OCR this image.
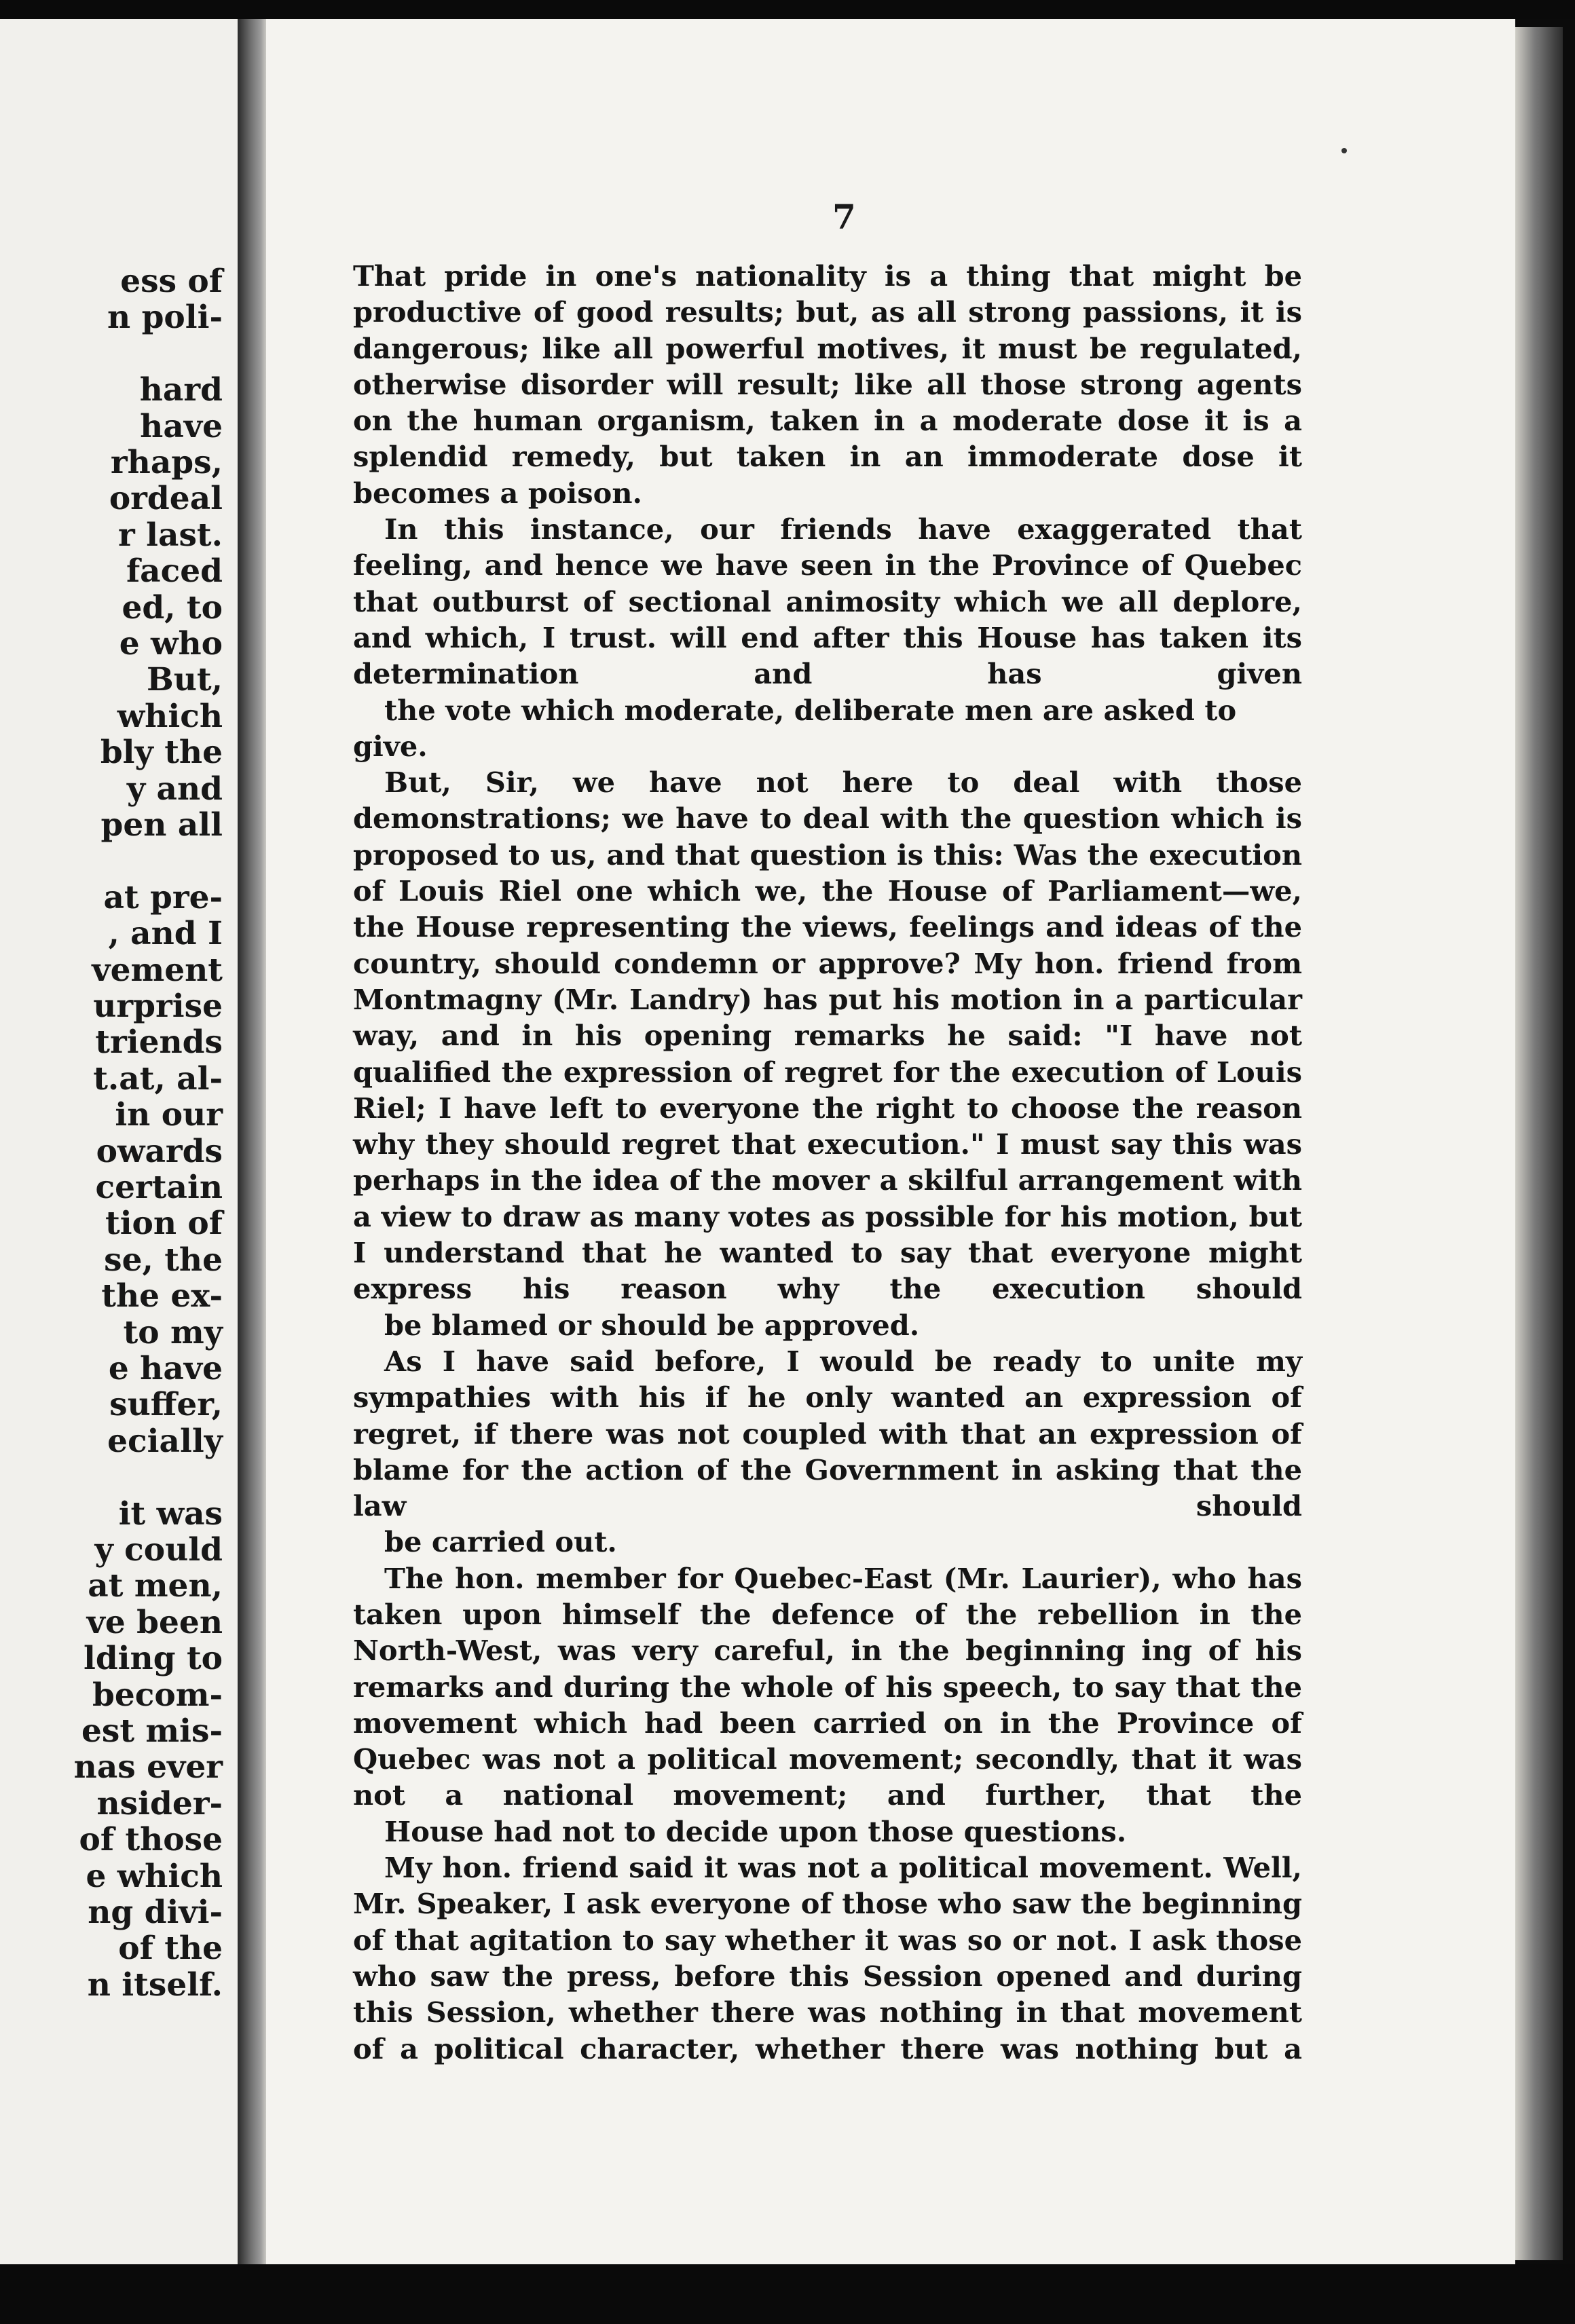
ess of

n poli-

hard

have

rhaps,

ordeal

r last.

faced

ed, to

e who

But,

which

bly the

y and

pen all

at pre-

, and I

vement

urprise

triends

t.at, al-

in our

owards

certain

tion of

se, the

the ex-

to my

e have

suffer,

ecially

it was

y could

at men,

ve been

lding to

becom-

est mis-

nas ever

nsider-

of those

e which

ng divi-

of the

n itself.

7

That pride in one's nationality is a thing that might be productive of good results; but, as all strong passions, it is dangerous; like all powerful motives, it must be regulated, otherwise disorder will result; like all those strong agents on the human organism, taken in a moderate dose it is a splendid remedy, but taken in an immoderate dose it
becomes a poison.

In this instance, our friends have exaggerated that feeling, and hence we have seen in the Province of Quebec that outburst of sectional animosity which we all deplore, and which, I trust. will end after this House has taken its determination and has given
the vote which moderate, deliberate men are asked to give.

But, Sir, we have not here to deal with those demonstrations; we have to deal with the question which is proposed to us, and that question is this: Was the execution of Louis Riel one which we, the House of Parliament—we, the House representing the views, feelings and ideas of the country, should condemn or approve? My hon. friend from Montmagny (Mr. Landry) has put his motion in a particular way, and in his opening remarks he said: "I have not qualified the expression of regret for the execution of Louis Riel; I have left to everyone the right to choose the reason why they should regret that execution." I must say this was perhaps in the idea of the mover a skilful arrangement with a view to draw as many votes as possible for his motion, but I understand that he wanted to say that everyone might express his reason why the execution should
be blamed or should be approved.

As I have said before, I would be ready to unite my sympathies with his if he only wanted an expression of regret, if there was not coupled with that an expression of blame for the action of the Government in asking that the law should
be carried out.

The hon. member for Quebec-East (Mr. Laurier), who has taken upon himself the defence of the rebellion in the North-West, was very careful, in the beginning ing of his remarks and during the whole of his speech, to say that the movement which had been carried on in the Province of Quebec was not a political movement; secondly, that it was not a national movement; and further, that the
House had not to decide upon those questions.

My hon. friend said it was not a political movement. Well, Mr. Speaker, I ask everyone of those who saw the beginning of that agitation to say whether it was so or not. I ask those who saw the press, before this Session opened and during this Session, whether there was nothing in that movement of a political character, whether there was nothing but a
